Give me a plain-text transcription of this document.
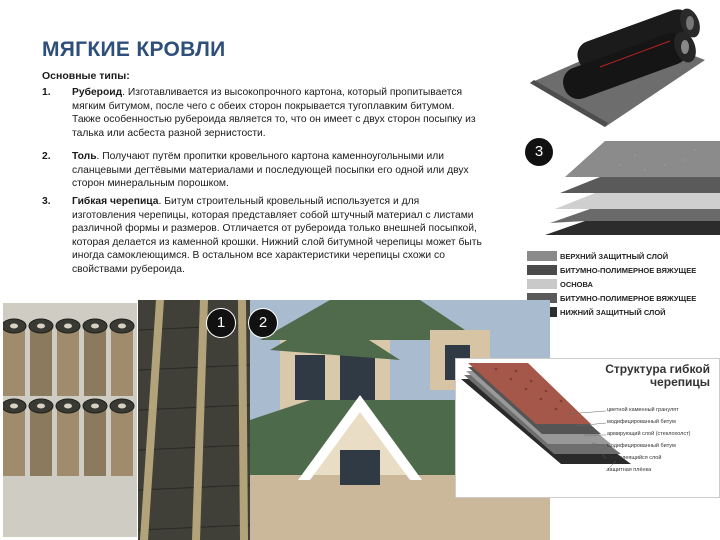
МЯГКИЕ КРОВЛИ
Основные типы:
1. Рубероид. Изготавливается из высокопрочного картона, который пропитывается мягким битумом, после чего с обеих сторон покрывается тугоплавким битумом. Также особенностью рубероида является то, что он имеет с двух сторон посыпку из талька или асбеста разной зернистости.
2. Толь. Получают путём пропитки кровельного картона каменноугольными или сланцевыми дегтёвыми материалами и последующей посыпки его одной или двух сторон минеральным порошком.
3. Гибкая черепица. Битум строительный кровельный используется и для изготовления черепицы, которая представляет собой штучный материал с листами различной формы и размеров. Отличается от рубероида только внешней посыпкой, которая делается из каменной крошки. Нижний слой битумной черепицы может быть иногда самоклеющимся. В остальном все характеристики черепицы схожи со свойствами рубероида.
3
ВЕРХНИЙ ЗАЩИТНЫЙ СЛОЙ
БИТУМНО-ПОЛИМЕРНОЕ ВЯЖУЩЕЕ
ОСНОВА
БИТУМНО-ПОЛИМЕРНОЕ ВЯЖУЩЕЕ
НИЖНИЙ ЗАЩИТНЫЙ СЛОЙ
1	2
Структура гибкой
черепицы
цветной каменный гранулят
модифицированный битум
армирующий слой (стеклохолст)
модифицированный битум
самоклеящийся слой
защитная плёнка
